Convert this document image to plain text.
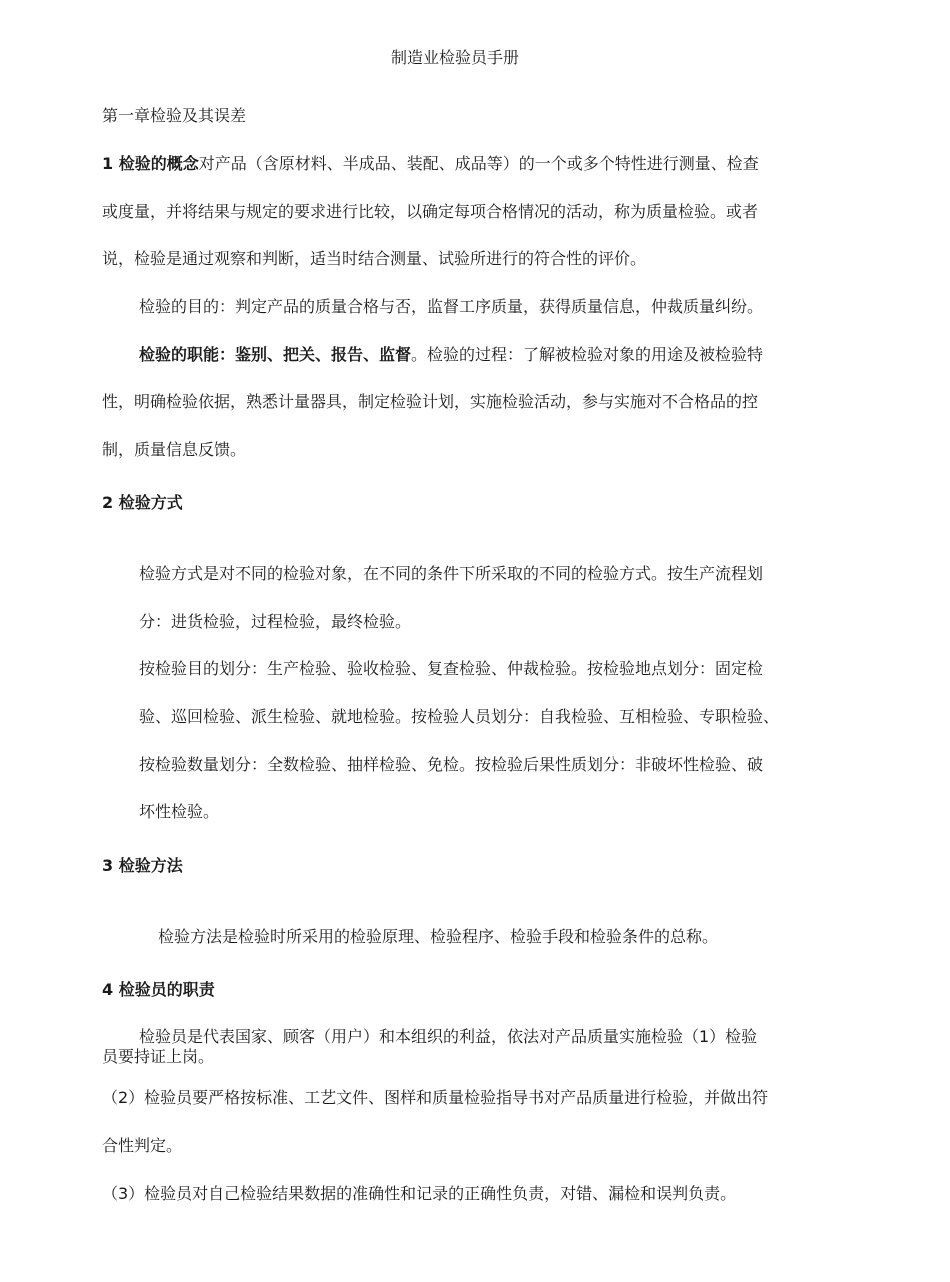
制造业检验员手册
第一章检验及其误差
1 检验的概念对产品（含原材料、半成品、装配、成品等）的一个或多个特性进行测量、检查
或度量，并将结果与规定的要求进行比较，以确定每项合格情况的活动，称为质量检验。或者
说，检验是通过观察和判断，适当时结合测量、试验所进行的符合性的评价。
检验的目的：判定产品的质量合格与否，监督工序质量，获得质量信息，仲裁质量纠纷。
检验的职能：鉴别、把关、报告、监督。检验的过程：了解被检验对象的用途及被检验特
性，明确检验依据，熟悉计量器具，制定检验计划，实施检验活动，参与实施对不合格品的控
制，质量信息反馈。
2 检验方式
检验方式是对不同的检验对象，在不同的条件下所采取的不同的检验方式。按生产流程划
分：进货检验，过程检验，最终检验。
按检验目的划分：生产检验、验收检验、复查检验、仲裁检验。按检验地点划分：固定检
验、巡回检验、派生检验、就地检验。按检验人员划分：自我检验、互相检验、专职检验、
按检验数量划分：全数检验、抽样检验、免检。按检验后果性质划分：非破坏性检验、破
坏性检验。
3 检验方法
检验方法是检验时所采用的检验原理、检验程序、检验手段和检验条件的总称。
4 检验员的职责
检验员是代表国家、顾客（用户）和本组织的利益，依法对产品质量实施检验（1）检验
员要持证上岗。
（2）检验员要严格按标准、工艺文件、图样和质量检验指导书对产品质量进行检验，并做出符
合性判定。
（3）检验员对自己检验结果数据的准确性和记录的正确性负责，对错、漏检和误判负责。
